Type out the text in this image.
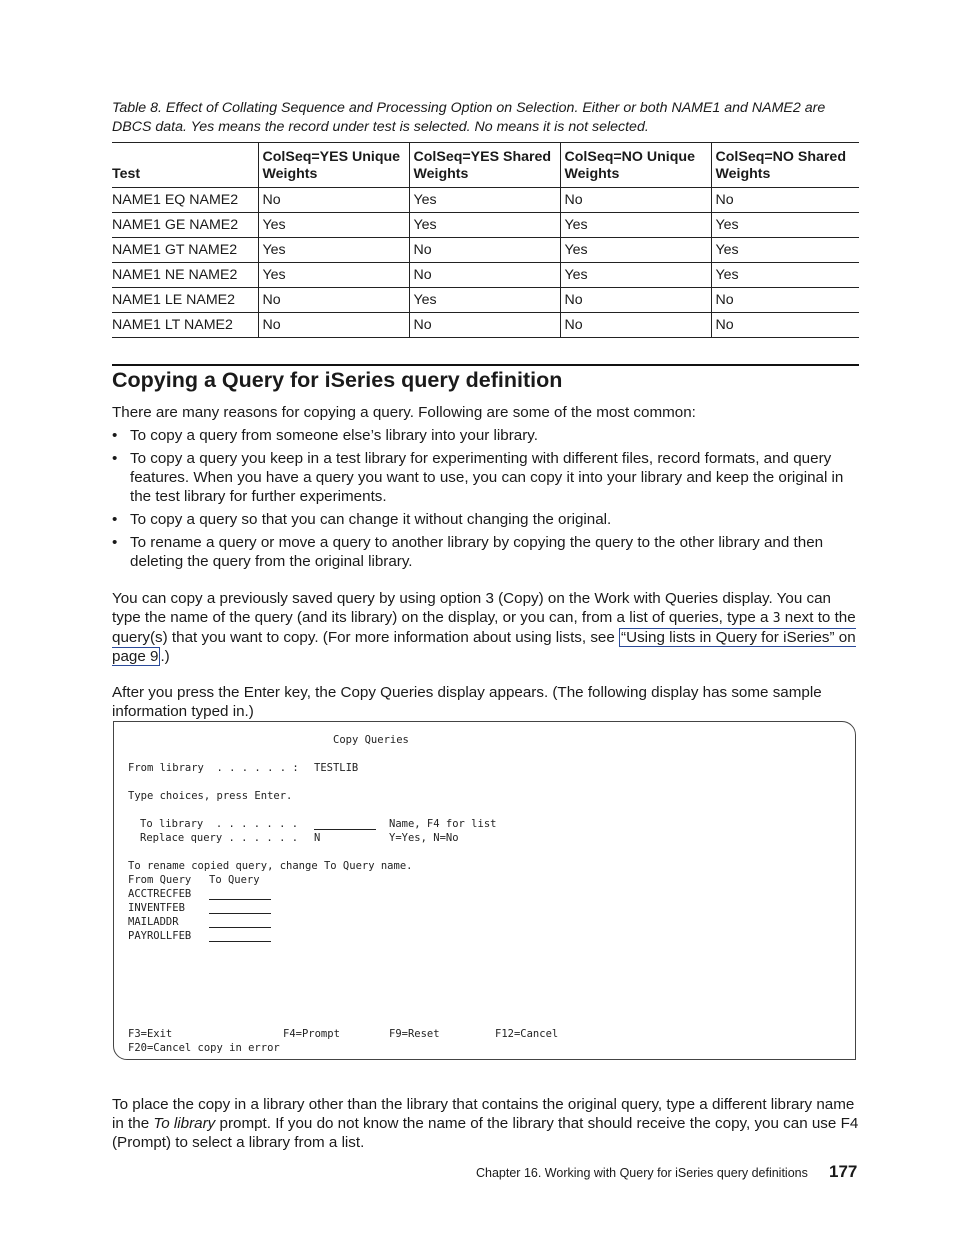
Table 8. Effect of Collating Sequence and Processing Option on Selection. Either or both NAME1 and NAME2 are DBCS data. Yes means the record under test is selected. No means it is not selected.
Test	ColSeq=YES Unique Weights	ColSeq=YES Shared Weights	ColSeq=NO Unique Weights	ColSeq=NO Shared Weights
NAME1 EQ NAME2	No	Yes	No	No
NAME1 GE NAME2	Yes	Yes	Yes	Yes
NAME1 GT NAME2	Yes	No	Yes	Yes
NAME1 NE NAME2	Yes	No	Yes	Yes
NAME1 LE NAME2	No	Yes	No	No
NAME1 LT NAME2	No	No	No	No
Copying a Query for iSeries query definition
There are many reasons for copying a query. Following are some of the most common:
• To copy a query from someone else’s library into your library.
• To copy a query you keep in a test library for experimenting with different files, record formats, and query features. When you have a query you want to use, you can copy it into your library and keep the original in the test library for further experiments.
• To copy a query so that you can change it without changing the original.
• To rename a query or move a query to another library by copying the query to the other library and then deleting the query from the original library.
You can copy a previously saved query by using option 3 (Copy) on the Work with Queries display. You can type the name of the query (and its library) on the display, or you can, from a list of queries, type a 3 next to the query(s) that you want to copy. (For more information about using lists, see “Using lists in Query for iSeries” on page 9 .)
After you press the Enter key, the Copy Queries display appears. (The following display has some sample information typed in.)
Copy Queries
From library  . . . . . . : TESTLIB
Type choices, press Enter.
To library  . . . . . . .	Name, F4 for list
Replace query . . . . . . N	Y=Yes, N=No
To rename copied query, change To Query name.
From Query To Query
ACCTRECFEB
INVENTFEB
MAILADDR
PAYROLLFEB
F3=Exit	F4=Prompt	F9=Reset	F12=Cancel
F20=Cancel copy in error
To place the copy in a library other than the library that contains the original query, type a different library name in the To library prompt. If you do not know the name of the library that should receive the copy, you can use F4 (Prompt) to select a library from a list.
Chapter 16. Working with Query for iSeries query definitions 177
